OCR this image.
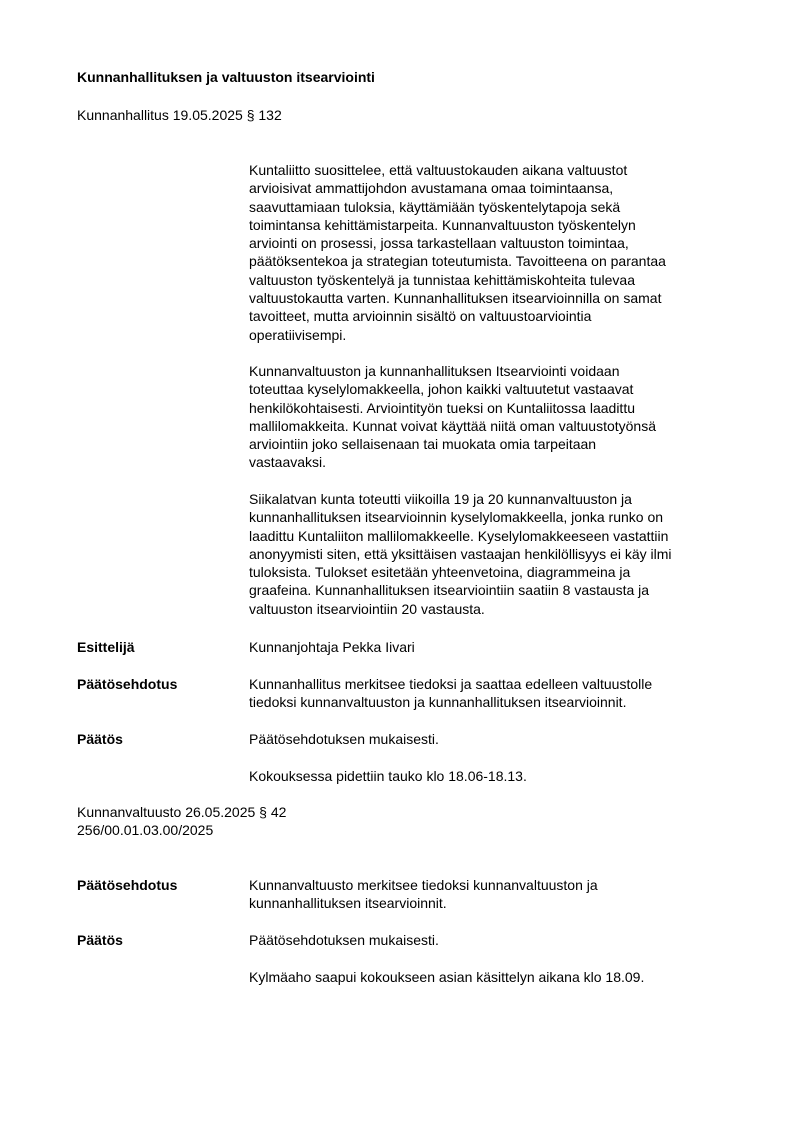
Kunnanhallituksen ja valtuuston itsearviointi
Kunnanhallitus 19.05.2025 § 132
Kuntaliitto suosittelee, että valtuustokauden aikana valtuustot
arvioisivat ammattijohdon avustamana omaa toimintaansa,
saavuttamiaan tuloksia, käyttämiään työskentelytapoja sekä
toimintansa kehittämistarpeita. Kunnanvaltuuston työskentelyn
arviointi on prosessi, jossa tarkastellaan valtuuston toimintaa,
päätöksentekoa ja strategian toteutumista. Tavoitteena on parantaa
valtuuston työskentelyä ja tunnistaa kehittämiskohteita tulevaa
valtuustokautta varten. Kunnanhallituksen itsearvioinnilla on samat
tavoitteet, mutta arvioinnin sisältö on valtuustoarviointia
operatiivisempi.
Kunnanvaltuuston ja kunnanhallituksen Itsearviointi voidaan
toteuttaa kyselylomakkeella, johon kaikki valtuutetut vastaavat
henkilökohtaisesti. Arviointityön tueksi on Kuntaliitossa laadittu
mallilomakkeita. Kunnat voivat käyttää niitä oman valtuustotyönsä
arviointiin joko sellaisenaan tai muokata omia tarpeitaan
vastaavaksi.
Siikalatvan kunta toteutti viikoilla 19 ja 20 kunnanvaltuuston ja
kunnanhallituksen itsearvioinnin kyselylomakkeella, jonka runko on
laadittu Kuntaliiton mallilomakkeelle. Kyselylomakkeeseen vastattiin
anonyymisti siten, että yksittäisen vastaajan henkilöllisyys ei käy ilmi
tuloksista. Tulokset esitetään yhteenvetoina, diagrammeina ja
graafeina. Kunnanhallituksen itsearviointiin saatiin 8 vastausta ja
valtuuston itsearviointiin 20 vastausta.
Esittelijä	Kunnanjohtaja Pekka Iivari
Päätösehdotus	Kunnanhallitus merkitsee tiedoksi ja saattaa edelleen valtuustolle
tiedoksi kunnanvaltuuston ja kunnanhallituksen itsearvioinnit.
Päätös	Päätösehdotuksen mukaisesti.
Kokouksessa pidettiin tauko klo 18.06-18.13.
Kunnanvaltuusto 26.05.2025 § 42
256/00.01.03.00/2025
Päätösehdotus	Kunnanvaltuusto merkitsee tiedoksi kunnanvaltuuston ja
kunnanhallituksen itsearvioinnit.
Päätös	Päätösehdotuksen mukaisesti.
Kylmäaho saapui kokoukseen asian käsittelyn aikana klo 18.09.
